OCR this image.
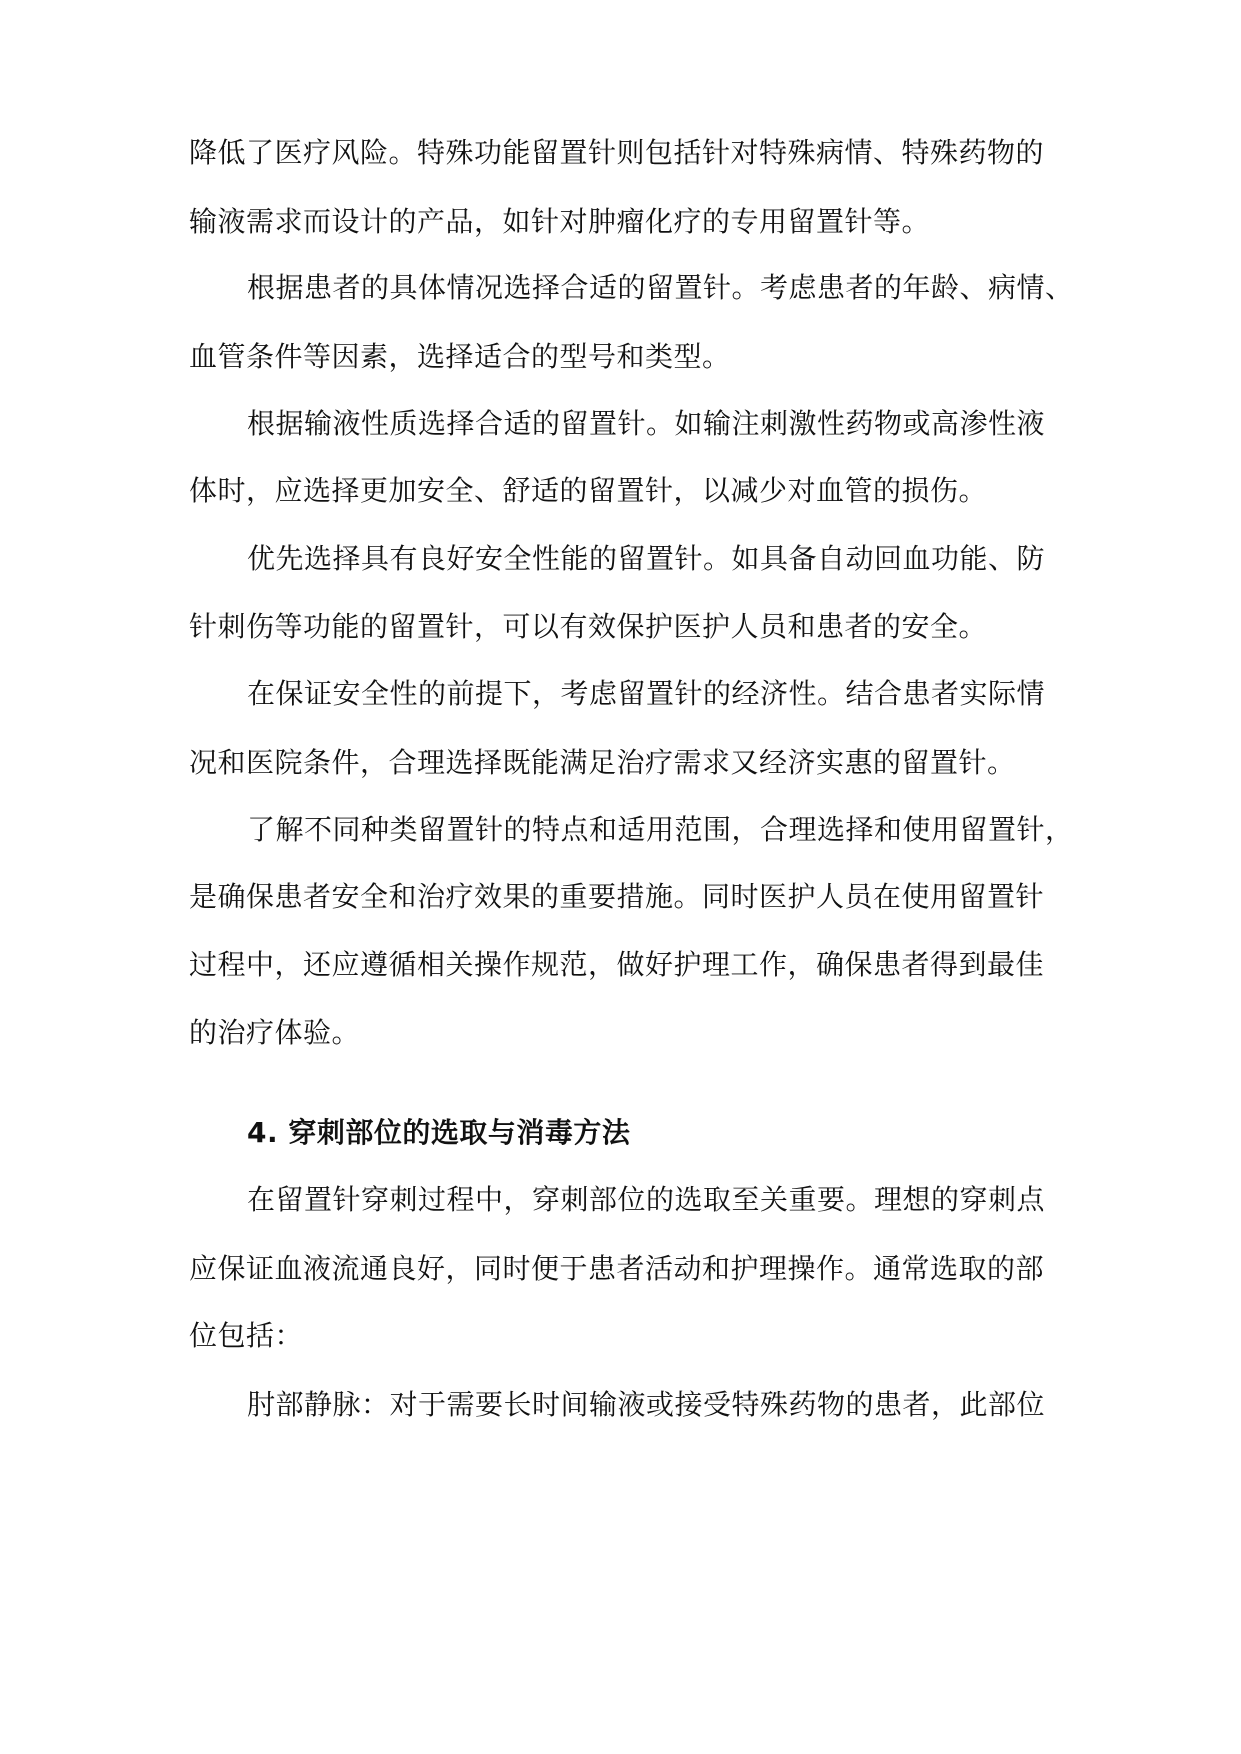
降低了医疗风险。特殊功能留置针则包括针对特殊病情、特殊药物的
输液需求而设计的产品，如针对肿瘤化疗的专用留置针等。
根据患者的具体情况选择合适的留置针。考虑患者的年龄、病情、
血管条件等因素，选择适合的型号和类型。
根据输液性质选择合适的留置针。如输注刺激性药物或高渗性液
体时，应选择更加安全、舒适的留置针，以减少对血管的损伤。
优先选择具有良好安全性能的留置针。如具备自动回血功能、防
针刺伤等功能的留置针，可以有效保护医护人员和患者的安全。
在保证安全性的前提下，考虑留置针的经济性。结合患者实际情
况和医院条件，合理选择既能满足治疗需求又经济实惠的留置针。
了解不同种类留置针的特点和适用范围，合理选择和使用留置针，
是确保患者安全和治疗效果的重要措施。同时医护人员在使用留置针
过程中，还应遵循相关操作规范，做好护理工作，确保患者得到最佳
的治疗体验。
4. 穿刺部位的选取与消毒方法
在留置针穿刺过程中，穿刺部位的选取至关重要。理想的穿刺点
应保证血液流通良好，同时便于患者活动和护理操作。通常选取的部
位包括：
肘部静脉：对于需要长时间输液或接受特殊药物的患者，此部位
